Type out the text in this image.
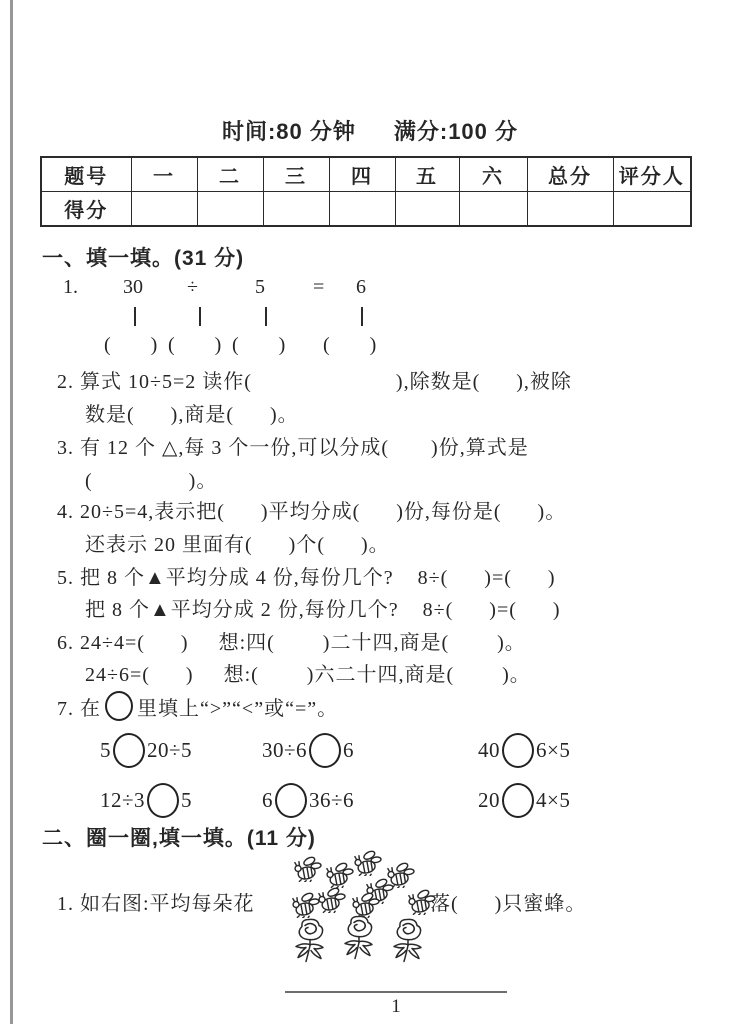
时间:80 分钟 满分:100 分
题号	一	二	三	四	五	六	总分	评分人
得分								
一、填一填。(31 分)
1. 30 ÷	5 = 6
(        ) (        ) (        ) (        )
2. 算式 10÷5=2 读作(                        ),除数是(      ),被除
数是(      ),商是(      )。
3. 有 12 个 △,每 3 个一份,可以分成(       )份,算式是
(                )。
4. 20÷5=4,表示把(      )平均分成(      )份,每份是(      )。
还表示 20 里面有(      )个(      )。
5. 把 8 个▲平均分成 4 份,每份几个?    8÷(      )=(      )
把 8 个▲平均分成 2 份,每份几个?    8÷(      )=(      )
6. 24÷4=(      )     想:四(        )二十四,商是(        )。
24÷6=(      )     想:(        )六二十四,商是(        )。
7. 在 里填上“>”“<”或“=”。
5 20÷5	30÷6 6	40 6×5
12÷3 5	6 36÷6	20 4×5
二、圈一圈,填一填。(11 分)
1. 如右图:平均每朵花	落(      )只蜜蜂。
1
